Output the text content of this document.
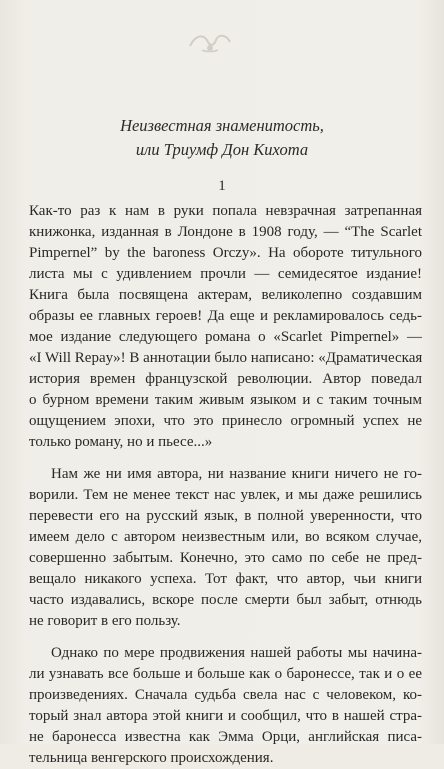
Неизвестная знаменитость,
или Триумф Дон Кихота
1
Как-то раз к нам в руки попала невзрачная затрепанная
книжонка, изданная в Лондоне в 1908 году, — “The Scarlet
Pimpernel” by the baroness Orczy». На обороте титульного
листа мы с удивлением прочли — семидесятое издание!
Книга была посвящена актерам, великолепно создавшим
образы ее главных героев! Да еще и рекламировалось седь-
мое издание следующего романа о «Scarlet Pimpernel» —
«I Will Repay»! В аннотации было написано: «Драматическая
история времен французской революции. Автор поведал
о бурном времени таким живым языком и с таким точным
ощущением эпохи, что это принесло огромный успех не
только роману, но и пьесе...»
Нам же ни имя автора, ни название книги ничего не го-
ворили. Тем не менее текст нас увлек, и мы даже решились
перевести его на русский язык, в полной уверенности, что
имеем дело с автором неизвестным или, во всяком случае,
совершенно забытым. Конечно, это само по себе не пред-
вещало никакого успеха. Тот факт, что автор, чьи книги
часто издавались, вскоре после смерти был забыт, отнюдь
не говорит в его пользу.
Однако по мере продвижения нашей работы мы начина-
ли узнавать все больше и больше как о баронессе, так и о ее
произведениях. Сначала судьба свела нас с человеком, ко-
торый знал автора этой книги и сообщил, что в нашей стра-
не баронесса известна как Эмма Орци, английская писа-
тельница венгерского происхождения.
